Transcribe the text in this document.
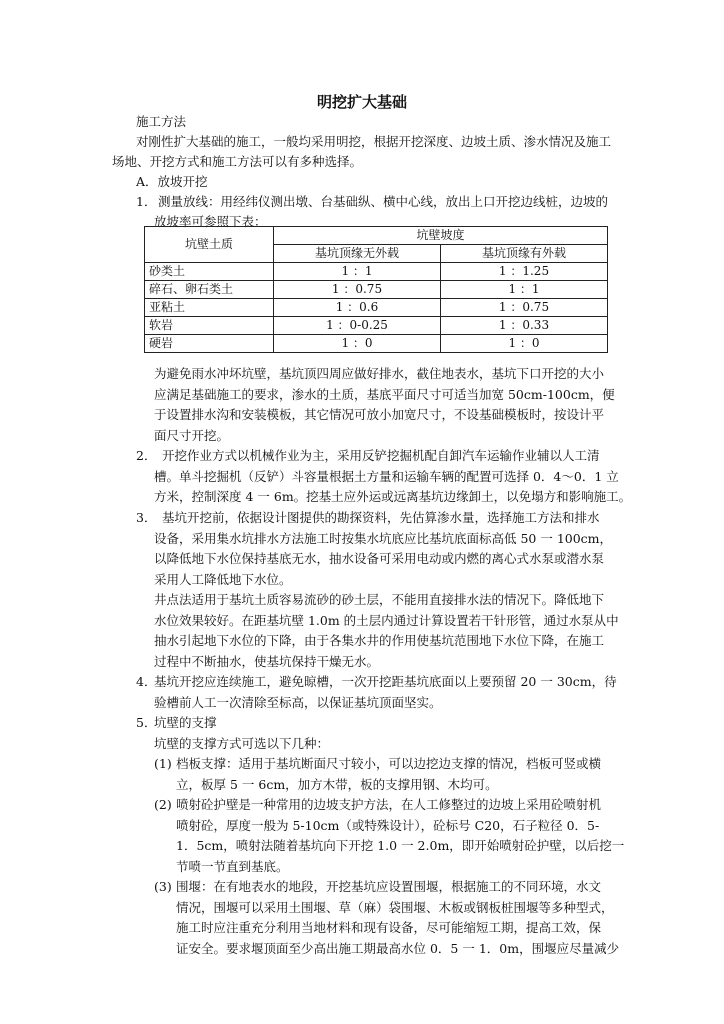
明挖扩大基础
施工方法
对刚性扩大基础的施工，一般均采用明挖，根据开挖深度、边坡土质、渗水情况及施工
场地、开挖方式和施工方法可以有多种选择。
A．放坡开挖
1． 测量放线：用经纬仪测出墩、台基础纵、横中心线，放出上口开挖边线桩，边坡的
放坡率可参照下表：
坑壁土质	坑壁坡度	
	基坑顶缘无外载	基坑顶缘有外载
砂类土	1 ：1	1 ：1.25
碎石、卵石类土	1 ：0.75	1 ：1
亚粘土	1 ：0.6	1 ：0.75
软岩	1 ：0-0.25	1 ：0.33
硬岩	1 ：0	1 ：0
为避免雨水冲坏坑壁，基坑顶四周应做好排水，截住地表水，基坑下口开挖的大小
应满足基础施工的要求，渗水的土质，基底平面尺寸可适当加宽 50cm-100cm，便
于设置排水沟和安装模板，其它情况可放小加宽尺寸，不设基础模板时，按设计平
面尺寸开挖。
2． 开挖作业方式以机械作业为主，采用反铲挖掘机配自卸汽车运输作业辅以人工清
槽。单斗挖掘机（反铲）斗容量根据土方量和运输车辆的配置可选择 0．4～0．1 立
方米，控制深度 4 一 6m。挖基土应外运或远离基坑边缘卸土，以免塌方和影响施工。
3． 基坑开挖前，依据设计图提供的勘探资料，先估算渗水量，选择施工方法和排水
设备，采用集水坑排水方法施工时按集水坑底应比基坑底面标高低 50 一 100cm，
以降低地下水位保持基底无水，抽水设备可采用电动或内燃的离心式水泵或潜水泵
采用人工降低地下水位。
井点法适用于基坑土质容易流砂的砂土层，不能用直接排水法的情况下。降低地下
水位效果较好。在距基坑壁 1.0m 的土层内通过计算设置若干针形管，通过水泵从中
抽水引起地下水位的下降，由于各集水井的作用使基坑范围地下水位下降，在施工
过程中不断抽水，使基坑保持干燥无水。
4．
基坑开挖应连续施工，避免晾槽，一次开挖距基坑底面以上要预留 20 一 30cm，待
验槽前人工一次清除至标高，以保证基坑顶面坚实。
5．
坑壁的支撑
坑壁的支撑方式可选以下几种：
(1) 档板支撑：适用于基坑断面尺寸较小，可以边挖边支撑的情况，档板可竖或横
立，板厚 5 一 6cm，加方木带，板的支撑用钢、木均可。
(2) 喷射砼护壁是一种常用的边坡支护方法，在人工修整过的边坡上采用砼喷射机
喷射砼，厚度一般为 5-10cm（或特殊设计），砼标号 C20，石子粒径 0．5-
1．5cm，喷射法随着基坑向下开挖 1.0 一 2.0m，即开始喷射砼护壁，以后挖一
节喷一节直到基底。
(3) 围堰：在有地表水的地段，开挖基坑应设置围堰，根据施工的不同环境，水文
情况，围堰可以采用土围堰、草（麻）袋围堰、木板或钢板桩围堰等多种型式，
施工时应注重充分利用当地材料和现有设备，尽可能缩短工期，提高工效，保
证安全。要求堰顶面至少高出施工期最高水位 0．5 一 1．0m，围堰应尽量减少
